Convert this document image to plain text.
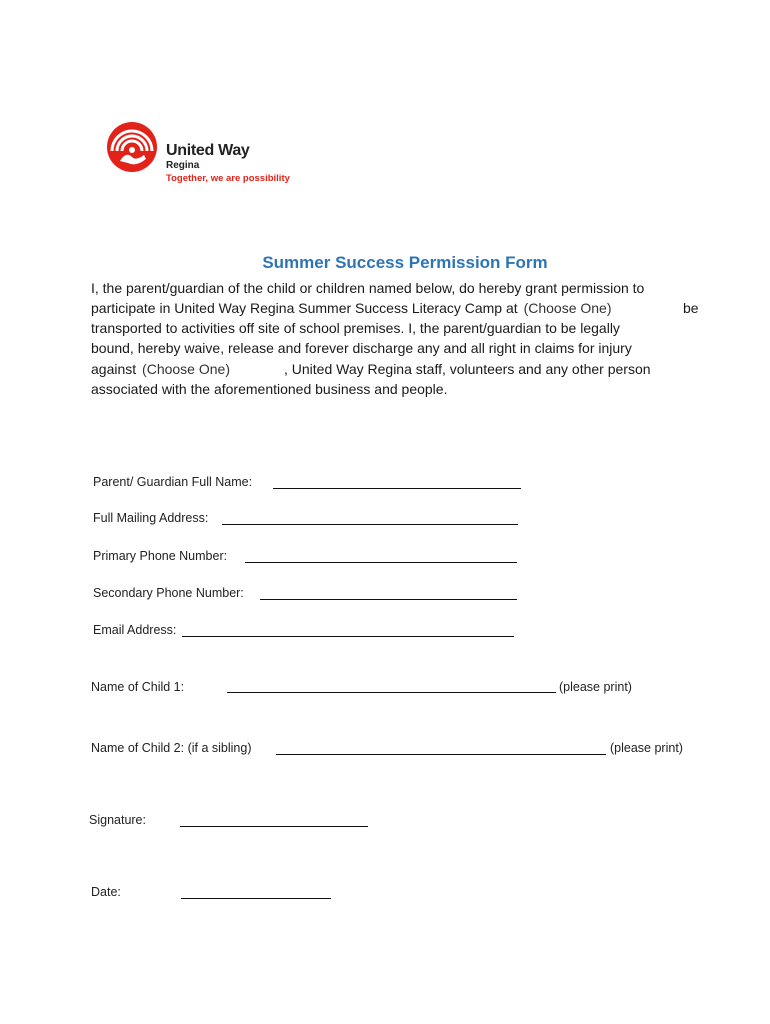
United Way
Regina
Together, we are possibility
Summer Success Permission Form
I, the parent/guardian of the child or children named below, do hereby grant permission to
participate in United Way Regina Summer Success Literacy Camp at (Choose One)	be
transported to activities off site of school premises. I, the parent/guardian to be legally
bound, hereby waive, release and forever discharge any and all right in claims for injury
against (Choose One)	, United Way Regina staff, volunteers and any other person
associated with the aforementioned business and people.
Parent/ Guardian Full Name:
Full Mailing Address:
Primary Phone Number:
Secondary Phone Number:
Email Address:
Name of Child 1:	(please print)
Name of Child 2: (if a sibling)	(please print)
Signature:
Date:
